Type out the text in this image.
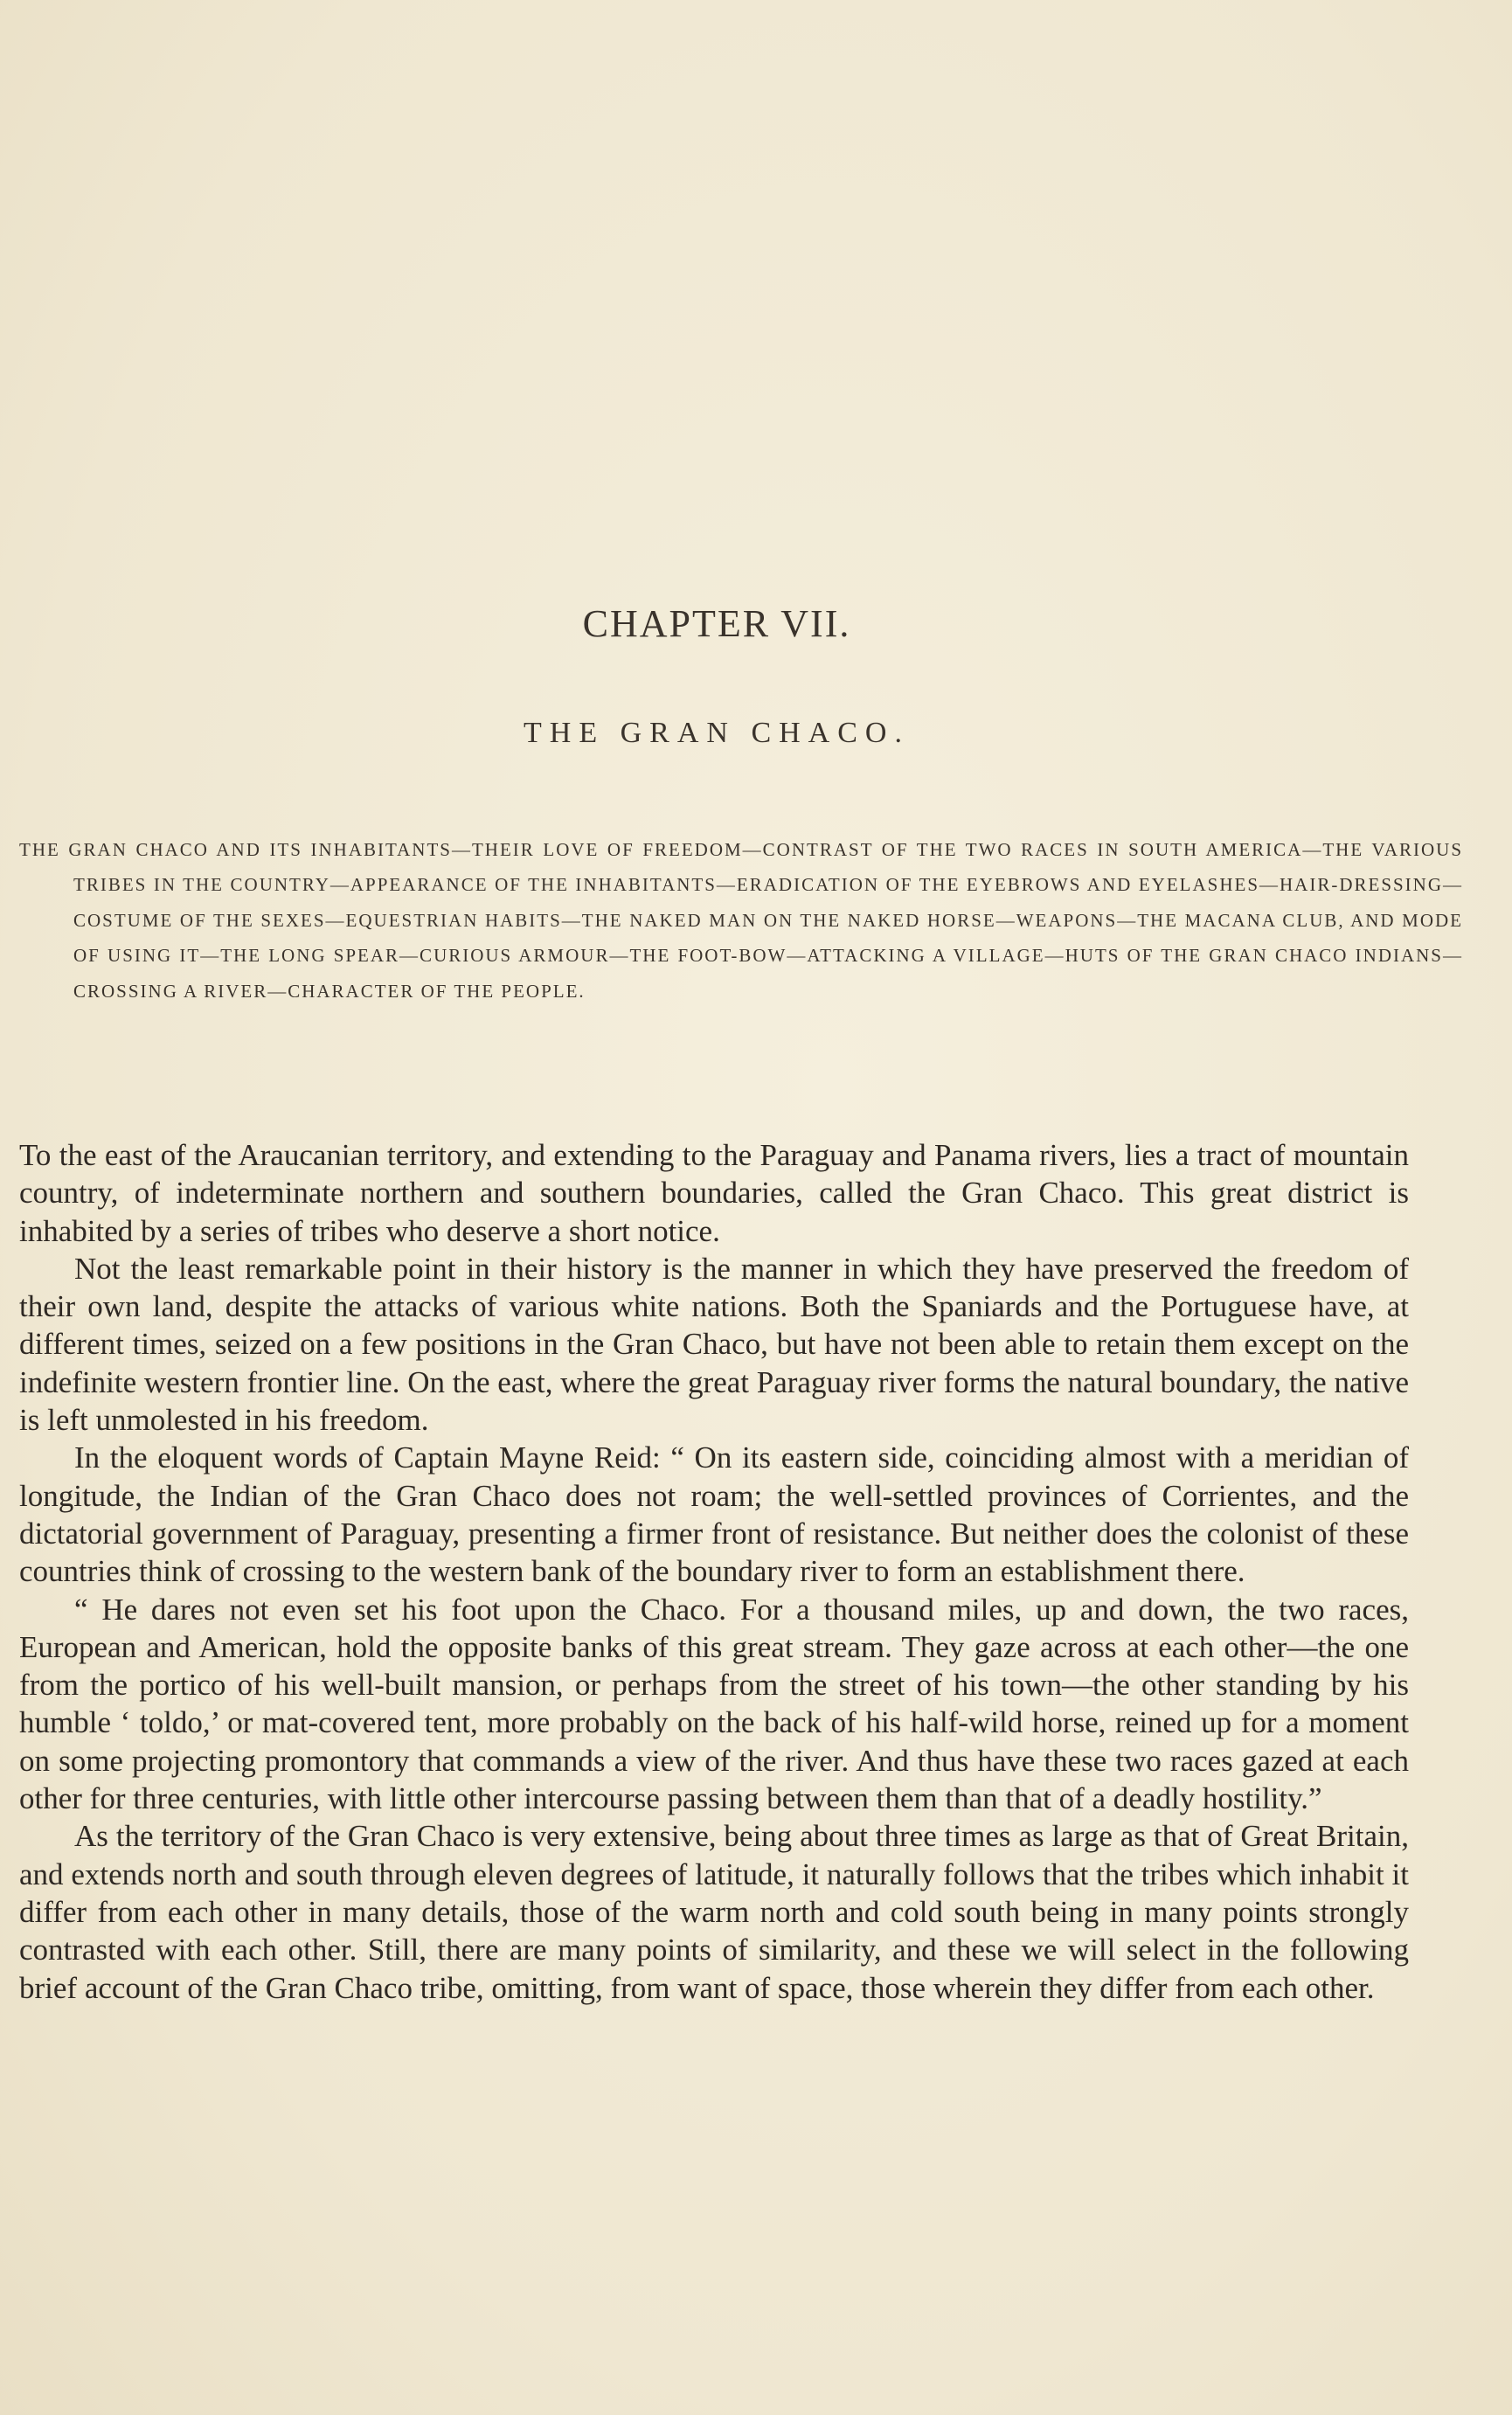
CHAPTER VII.
THE GRAN CHACO.
THE GRAN CHACO AND ITS INHABITANTS—THEIR LOVE OF FREEDOM—CONTRAST OF THE TWO RACES IN SOUTH AMERICA—THE VARIOUS TRIBES IN THE COUNTRY—APPEARANCE OF THE INHABITANTS—ERADICATION OF THE EYEBROWS AND EYELASHES—HAIR-DRESSING—COSTUME OF THE SEXES—EQUESTRIAN HABITS—THE NAKED MAN ON THE NAKED HORSE—WEAPONS—THE MACANA CLUB, AND MODE OF USING IT—THE LONG SPEAR—CURIOUS ARMOUR—THE FOOT-BOW—ATTACKING A VILLAGE—HUTS OF THE GRAN CHACO INDIANS—CROSSING A RIVER—CHARACTER OF THE PEOPLE.

To the east of the Araucanian territory, and extending to the Paraguay and Panama rivers, lies a tract of mountain country, of indeterminate northern and southern boundaries, called the Gran Chaco. This great district is inhabited by a series of tribes who deserve a short notice.

Not the least remarkable point in their history is the manner in which they have preserved the freedom of their own land, despite the attacks of various white nations. Both the Spaniards and the Portuguese have, at different times, seized on a few positions in the Gran Chaco, but have not been able to retain them except on the indefinite western frontier line. On the east, where the great Paraguay river forms the natural boundary, the native is left unmolested in his freedom.

In the eloquent words of Captain Mayne Reid: “ On its eastern side, coinciding almost with a meridian of longitude, the Indian of the Gran Chaco does not roam; the well-settled provinces of Corrientes, and the dictatorial government of Paraguay, presenting a firmer front of resistance. But neither does the colonist of these countries think of crossing to the western bank of the boundary river to form an establishment there.

“ He dares not even set his foot upon the Chaco. For a thousand miles, up and down, the two races, European and American, hold the opposite banks of this great stream. They gaze across at each other—the one from the portico of his well-built mansion, or perhaps from the street of his town—the other standing by his humble ‘ toldo,’ or mat-covered tent, more probably on the back of his half-wild horse, reined up for a moment on some projecting promontory that commands a view of the river. And thus have these two races gazed at each other for three centuries, with little other intercourse passing between them than that of a deadly hostility.”

As the territory of the Gran Chaco is very extensive, being about three times as large as that of Great Britain, and extends north and south through eleven degrees of latitude, it naturally follows that the tribes which inhabit it differ from each other in many details, those of the warm north and cold south being in many points strongly contrasted with each other. Still, there are many points of similarity, and these we will select in the following brief account of the Gran Chaco tribe, omitting, from want of space, those wherein they differ from each other.
